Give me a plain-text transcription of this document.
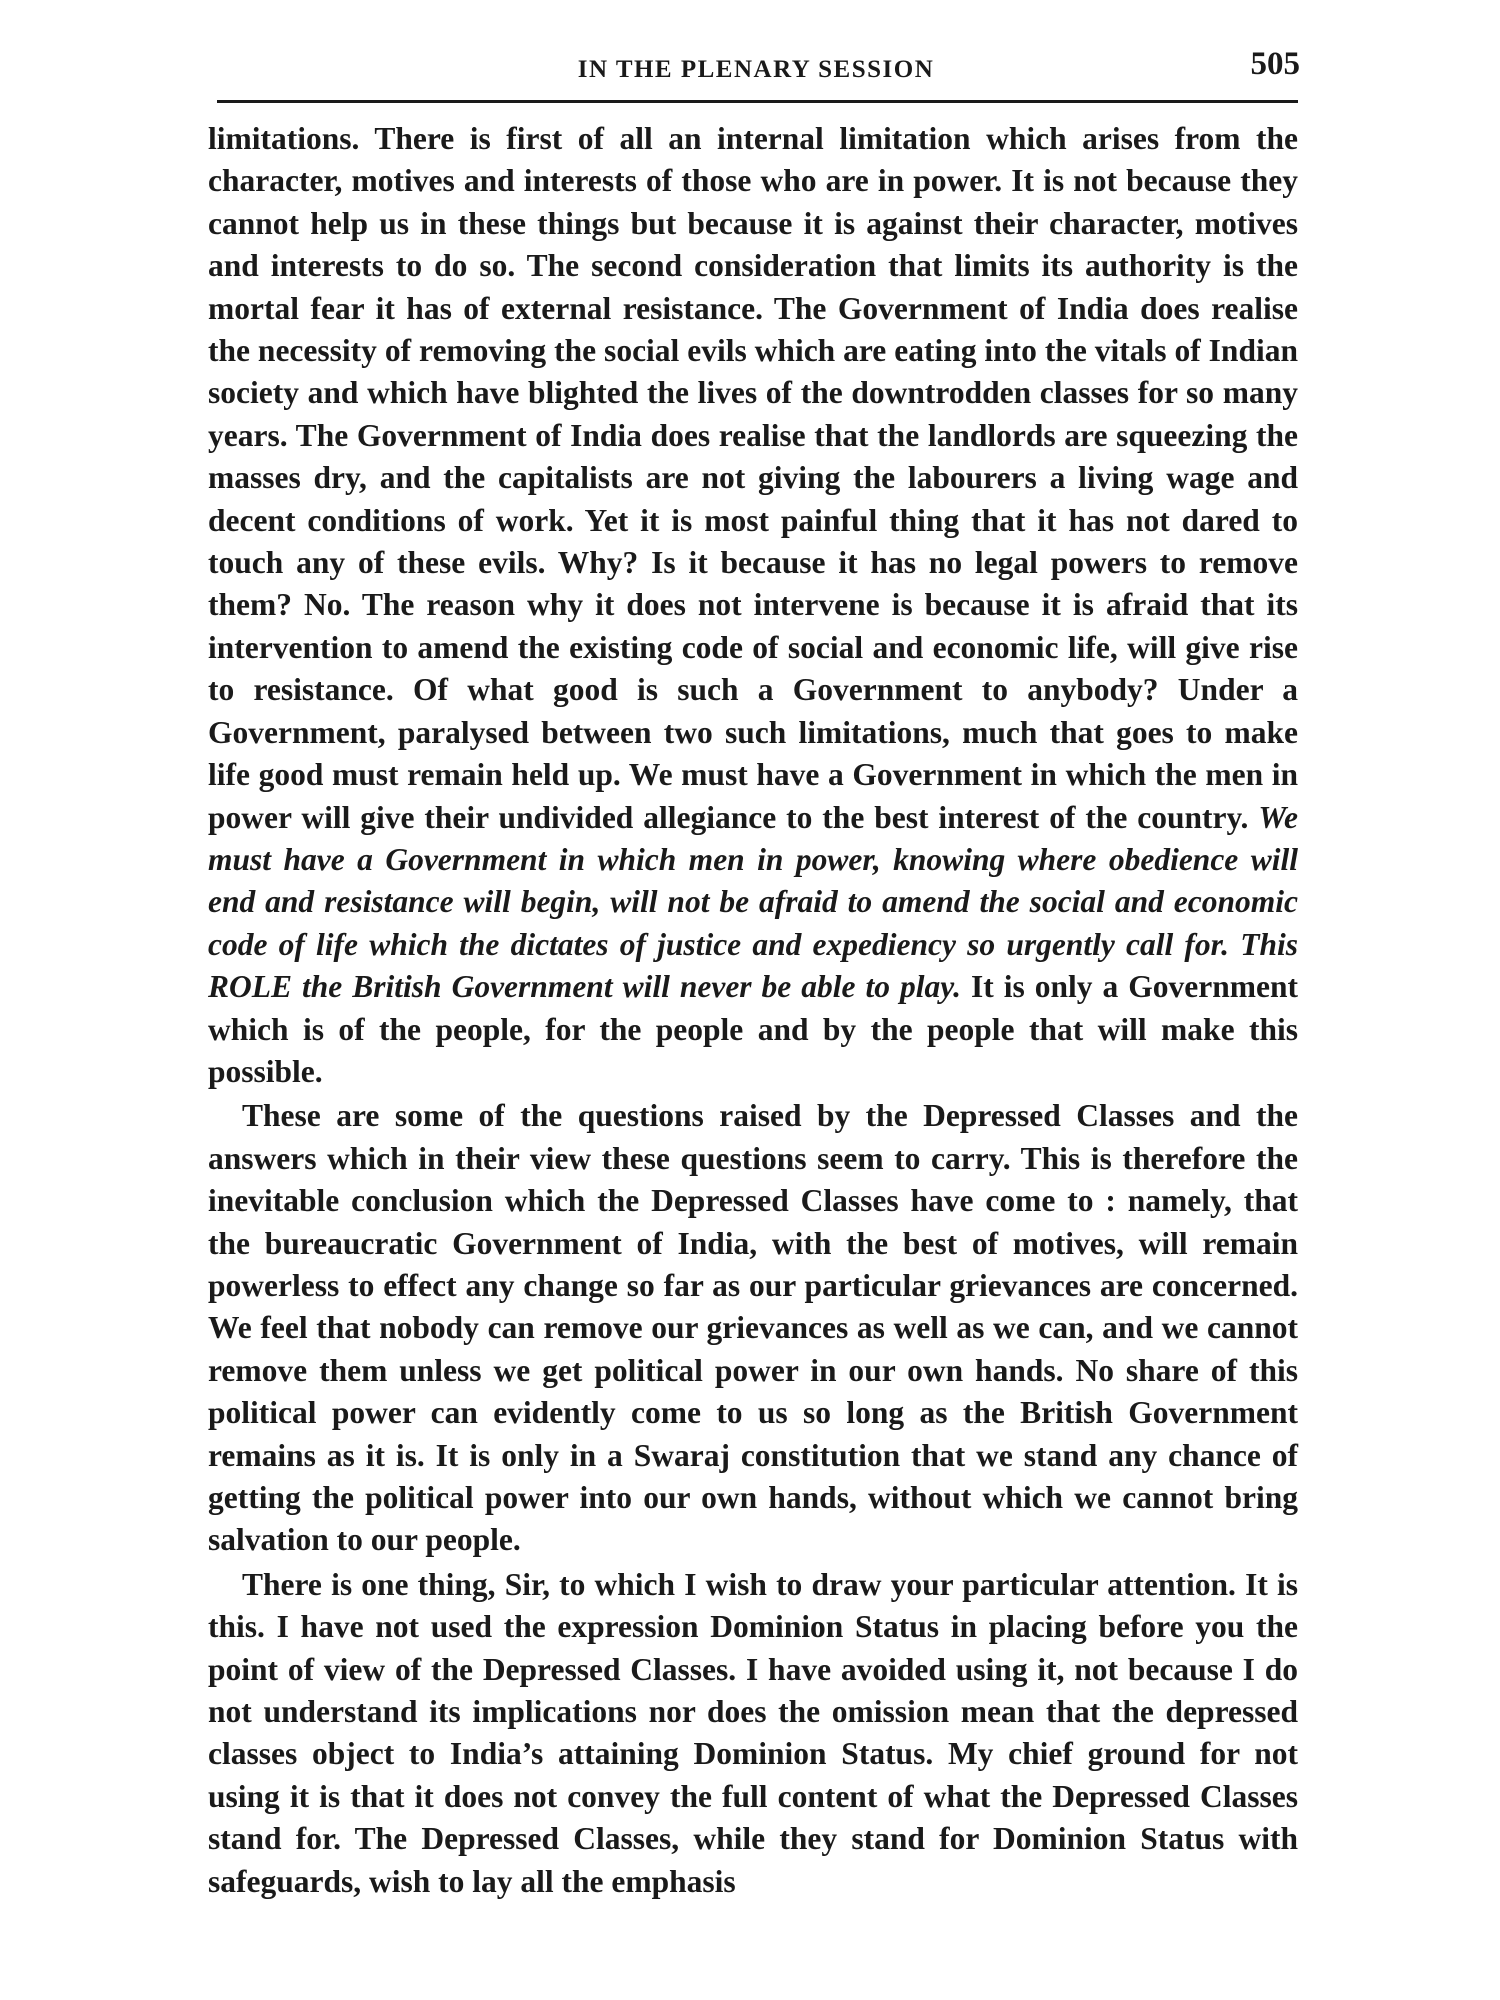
IN THE PLENARY SESSION	505

limitations. There is first of all an internal limitation which arises from the character, motives and interests of those who are in power. It is not because they cannot help us in these things but because it is against their character, motives and interests to do so. The second consideration that limits its authority is the mortal fear it has of external resistance. The Government of India does realise the necessity of removing the social evils which are eating into the vitals of Indian society and which have blighted the lives of the downtrodden classes for so many years. The Government of India does realise that the landlords are squeezing the masses dry, and the capitalists are not giving the labourers a living wage and decent conditions of work. Yet it is most painful thing that it has not dared to touch any of these evils. Why? Is it because it has no legal powers to remove them? No. The reason why it does not intervene is because it is afraid that its intervention to amend the existing code of social and economic life, will give rise to resistance. Of what good is such a Government to anybody? Under a Government, paralysed between two such limitations, much that goes to make life good must remain held up. We must have a Government in which the men in power will give their undivided allegiance to the best interest of the country. We must have a Government in which men in power, knowing where obedience will end and resistance will begin, will not be afraid to amend the social and economic code of life which the dictates of justice and expediency so urgently call for. This ROLE the British Government will never be able to play. It is only a Government which is of the people, for the people and by the people that will make this possible.

These are some of the questions raised by the Depressed Classes and the answers which in their view these questions seem to carry. This is therefore the inevitable conclusion which the Depressed Classes have come to : namely, that the bureaucratic Government of India, with the best of motives, will remain powerless to effect any change so far as our particular grievances are concerned. We feel that nobody can remove our grievances as well as we can, and we cannot remove them unless we get political power in our own hands. No share of this political power can evidently come to us so long as the British Government remains as it is. It is only in a Swaraj constitution that we stand any chance of getting the political power into our own hands, without which we cannot bring salvation to our people.

There is one thing, Sir, to which I wish to draw your particular attention. It is this. I have not used the expression Dominion Status in placing before you the point of view of the Depressed Classes. I have avoided using it, not because I do not understand its implications nor does the omission mean that the depressed classes object to India’s attaining Dominion Status. My chief ground for not using it is that it does not convey the full content of what the Depressed Classes stand for. The Depressed Classes, while they stand for Dominion Status with safeguards, wish to lay all the emphasis
